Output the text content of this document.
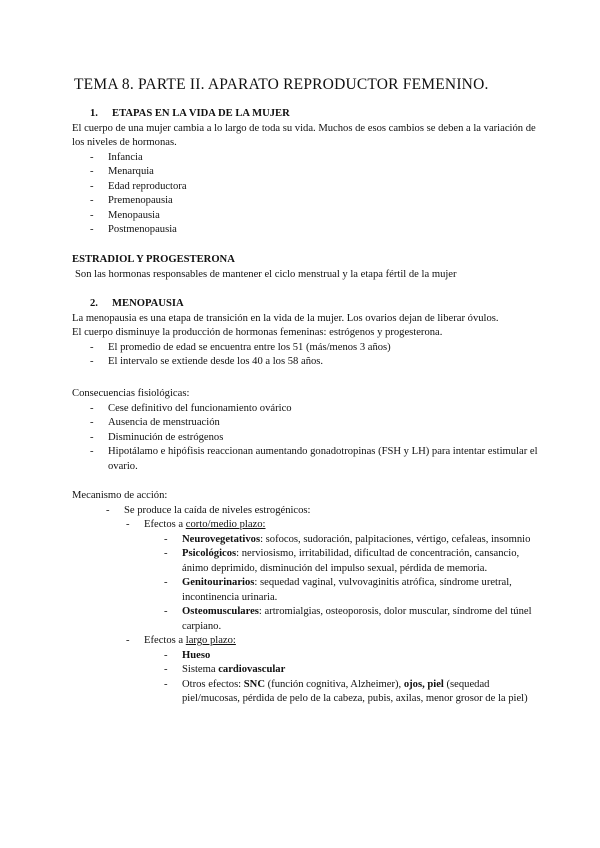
TEMA 8. PARTE II. APARATO REPRODUCTOR FEMENINO.
1. ETAPAS EN LA VIDA DE LA MUJER
El cuerpo de una mujer cambia a lo largo de toda su vida. Muchos de esos cambios se deben a la variación de los niveles de hormonas.
- Infancia
- Menarquia
- Edad reproductora
- Premenopausia
- Menopausia
- Postmenopausia
ESTRADIOL Y PROGESTERONA
Son las hormonas responsables de mantener el ciclo menstrual y la etapa fértil de la mujer
2. MENOPAUSIA
La menopausia es una etapa de transición en la vida de la mujer. Los ovarios dejan de liberar óvulos.
El cuerpo disminuye la producción de hormonas femeninas: estrógenos y progesterona.
- El promedio de edad se encuentra entre los 51 (más/menos 3 años)
- El intervalo se extiende desde los 40 a los 58 años.
Consecuencias fisiológicas:
- Cese definitivo del funcionamiento ovárico
- Ausencia de menstruación
- Disminución de estrógenos
- Hipotálamo e hipófisis reaccionan aumentando gonadotropinas (FSH y LH) para intentar estimular el ovario.
Mecanismo de acción:
- Se produce la caída de niveles estrogénicos:
- Efectos a corto/medio plazo:
- Neurovegetativos: sofocos, sudoración, palpitaciones, vértigo, cefaleas, insomnio
- Psicológicos: nerviosismo, irritabilidad, dificultad de concentración, cansancio, ánimo deprimido, disminución del impulso sexual, pérdida de memoria.
- Genitourinarios: sequedad vaginal, vulvovaginitis atrófica, síndrome uretral, incontinencia urinaria.
- Osteomusculares: artromialgias, osteoporosis, dolor muscular, síndrome del túnel carpiano.
- Efectos a largo plazo:
- Hueso
- Sistema cardiovascular
- Otros efectos: SNC (función cognitiva, Alzheimer), ojos, piel (sequedad piel/mucosas, pérdida de pelo de la cabeza, pubis, axilas, menor grosor de la piel)
